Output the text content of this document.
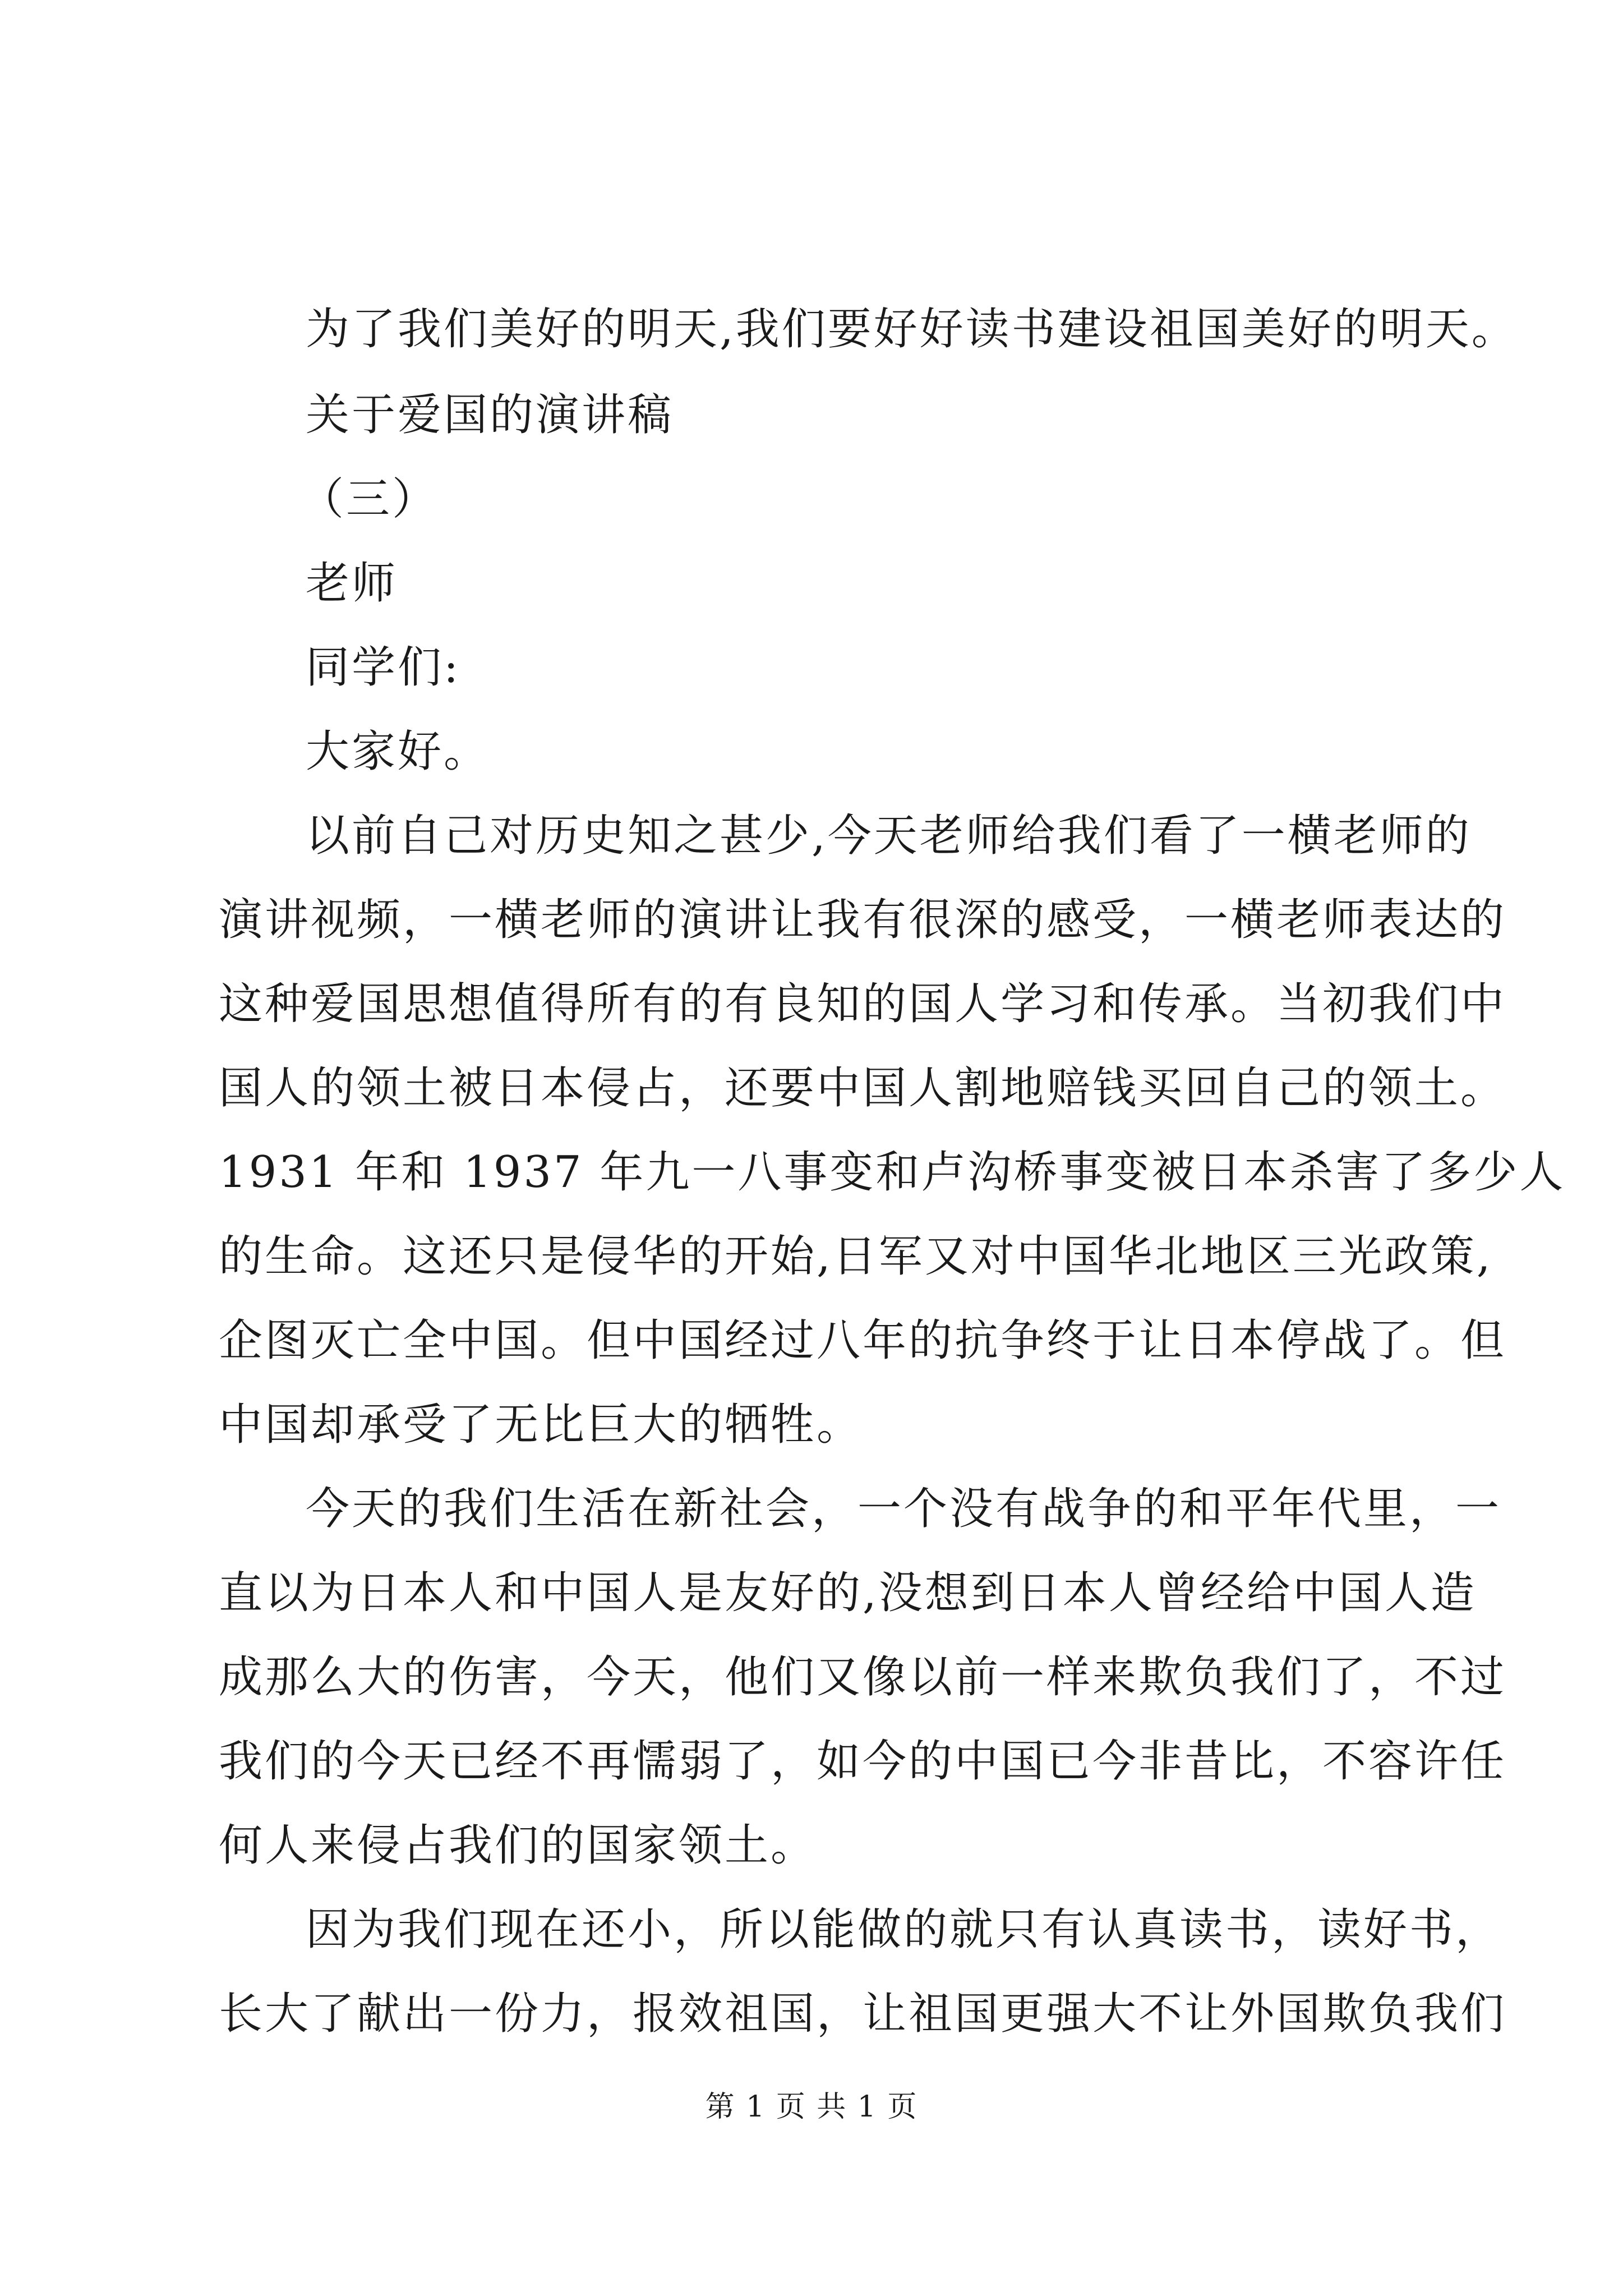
为了我们美好的明天,我们要好好读书建设祖国美好的明天。
关于爱国的演讲稿
（三）
老师
同学们:
大家好。
以前自己对历史知之甚少,今天老师给我们看了一横老师的
演讲视频，一横老师的演讲让我有很深的感受，一横老师表达的
这种爱国思想值得所有的有良知的国人学习和传承。当初我们中
国人的领土被日本侵占，还要中国人割地赔钱买回自己的领土。
1931 年和 1937 年九一八事变和卢沟桥事变被日本杀害了多少人
的生命。这还只是侵华的开始,日军又对中国华北地区三光政策,
企图灭亡全中国。但中国经过八年的抗争终于让日本停战了。但
中国却承受了无比巨大的牺牲。
今天的我们生活在新社会，一个没有战争的和平年代里，一
直以为日本人和中国人是友好的,没想到日本人曾经给中国人造
成那么大的伤害，今天，他们又像以前一样来欺负我们了，不过
我们的今天已经不再懦弱了，如今的中国已今非昔比，不容许任
何人来侵占我们的国家领土。
因为我们现在还小，所以能做的就只有认真读书，读好书，
长大了献出一份力，报效祖国，让祖国更强大不让外国欺负我们
第 1 页 共 1 页
